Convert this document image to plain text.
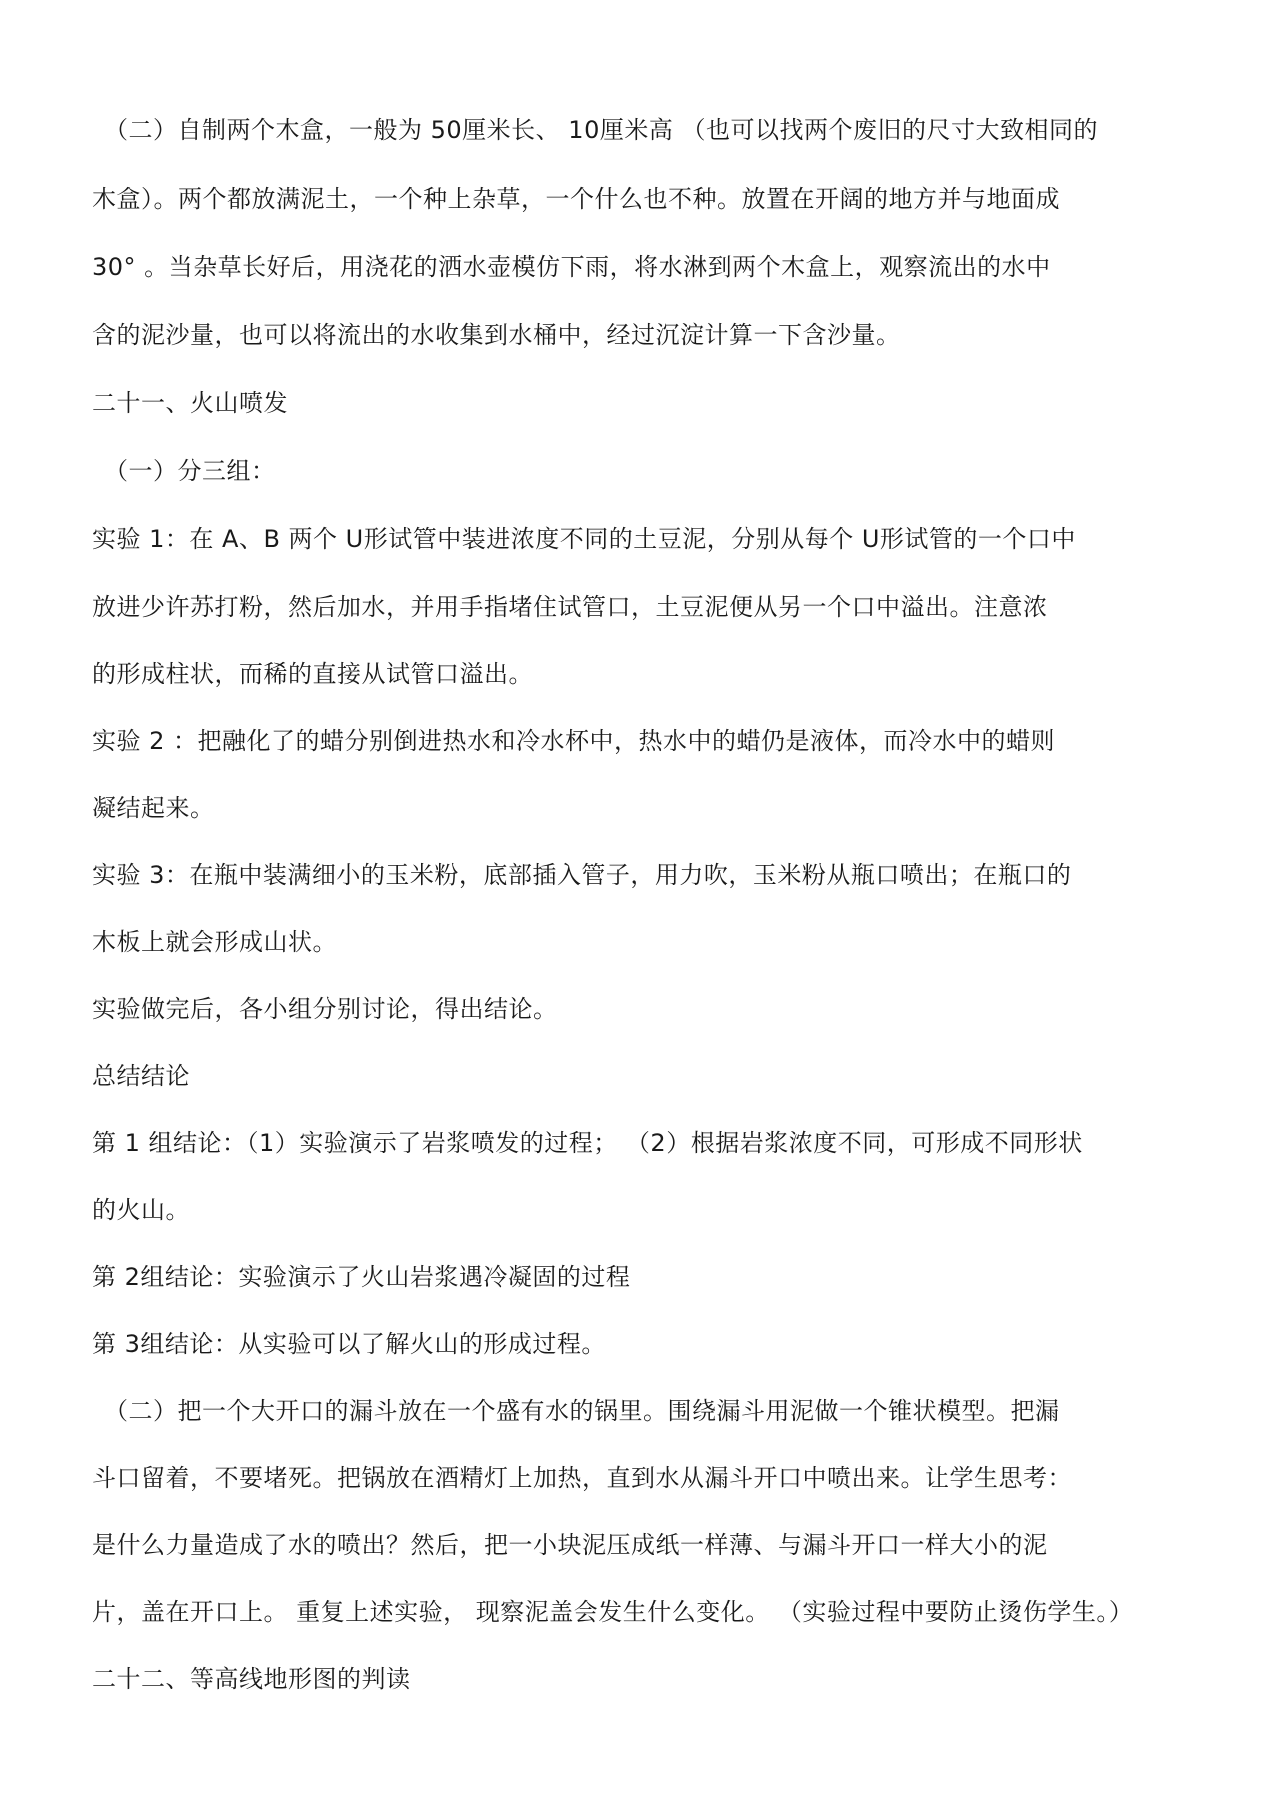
（二）自制两个木盒，一般为 50厘米长、 10厘米高 （也可以找两个废旧的尺寸大致相同的
木盒）。两个都放满泥土，一个种上杂草，一个什么也不种。放置在开阔的地方并与地面成
30° 。当杂草长好后，用浇花的洒水壶模仿下雨，将水淋到两个木盒上，观察流出的水中
含的泥沙量，也可以将流出的水收集到水桶中，经过沉淀计算一下含沙量。
二十一、火山喷发
（一）分三组：
实验 1：在 A、B 两个 U形试管中装进浓度不同的土豆泥，分别从每个 U形试管的一个口中
放进少许苏打粉，然后加水，并用手指堵住试管口，土豆泥便从另一个口中溢出。注意浓
的形成柱状，而稀的直接从试管口溢出。
实验 2 ：把融化了的蜡分别倒进热水和冷水杯中，热水中的蜡仍是液体，而冷水中的蜡则
凝结起来。
实验 3：在瓶中装满细小的玉米粉，底部插入管子，用力吹，玉米粉从瓶口喷出；在瓶口的
木板上就会形成山状。
实验做完后，各小组分别讨论，得出结论。
总结结论
第 1 组结论：（1）实验演示了岩浆喷发的过程； （2）根据岩浆浓度不同，可形成不同形状
的火山。
第 2组结论：实验演示了火山岩浆遇冷凝固的过程
第 3组结论：从实验可以了解火山的形成过程。
（二）把一个大开口的漏斗放在一个盛有水的锅里。围绕漏斗用泥做一个锥状模型。把漏
斗口留着，不要堵死。把锅放在酒精灯上加热，直到水从漏斗开口中喷出来。让学生思考：
是什么力量造成了水的喷出？然后，把一小块泥压成纸一样薄、与漏斗开口一样大小的泥
片，盖在开口上。 重复上述实验， 现察泥盖会发生什么变化。 （实验过程中要防止烫伤学生。）
二十二、等高线地形图的判读
